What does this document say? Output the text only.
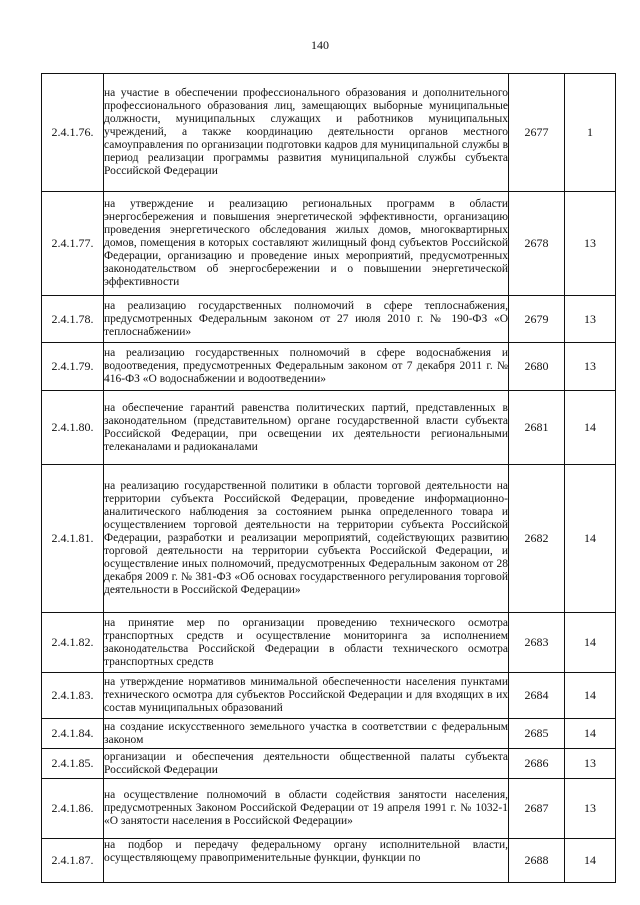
140
2.4.1.76.	на участие в обеспечении профессионального образования и дополнительного профессионального образования лиц, замещающих выборные муниципальные должности, муниципальных служащих и работников муниципальных учреждений, а также координацию деятельности органов местного самоуправления по организации подготовки кадров для муниципальной службы в период реализации программы развития муниципальной службы субъекта Российской Федерации	2677	1
2.4.1.77.	на утверждение и реализацию региональных программ в области энергосбережения и повышения энергетической эффективности, организацию проведения энергетического обследования жилых домов, многоквартирных домов, помещения в которых составляют жилищный фонд субъектов Российской Федерации, организацию и проведение иных мероприятий, предусмотренных законодательством об энергосбережении и о повышении энергетической эффективности	2678	13
2.4.1.78.	на реализацию государственных полномочий в сфере теплоснабжения, предусмотренных Федеральным законом от 27 июля 2010 г. № 190-ФЗ «О теплоснабжении»	2679	13
2.4.1.79.	на реализацию государственных полномочий в сфере водоснабжения и водоотведения, предусмотренных Федеральным законом от 7 декабря 2011 г. № 416-ФЗ «О водоснабжении и водоотведении»	2680	13
2.4.1.80.	на обеспечение гарантий равенства политических партий, представленных в законодательном (представительном) органе государственной власти субъекта Российской Федерации, при освещении их деятельности региональными телеканалами и радиоканалами	2681	14
2.4.1.81.	на реализацию государственной политики в области торговой деятельности на территории субъекта Российской Федерации, проведение информационно-аналитического наблюдения за состоянием рынка определенного товара и осуществлением торговой деятельности на территории субъекта Российской Федерации, разработки и реализации мероприятий, содействующих развитию торговой деятельности на территории субъекта Российской Федерации, и осуществление иных полномочий, предусмотренных Федеральным законом от 28 декабря 2009 г. № 381-ФЗ «Об основах государственного регулирования торговой деятельности в Российской Федерации»	2682	14
2.4.1.82.	на принятие мер по организации проведению технического осмотра транспортных средств и осуществление мониторинга за исполнением законодательства Российской Федерации в области технического осмотра транспортных средств	2683	14
2.4.1.83.	на утверждение нормативов минимальной обеспеченности населения пунктами технического осмотра для субъектов Российской Федерации и для входящих в их состав муниципальных образований	2684	14
2.4.1.84.	на создание искусственного земельного участка в соответствии с федеральным законом	2685	14
2.4.1.85.	организации и обеспечения деятельности общественной палаты субъекта Российской Федерации	2686	13
2.4.1.86.	на осуществление полномочий в области содействия занятости населения, предусмотренных Законом Российской Федерации от 19 апреля 1991 г. № 1032-1 «О занятости населения в Российской Федерации»	2687	13
2.4.1.87.	на подбор и передачу федеральному органу исполнительной власти, осуществляющему правоприменительные функции, функции по	2688	14
